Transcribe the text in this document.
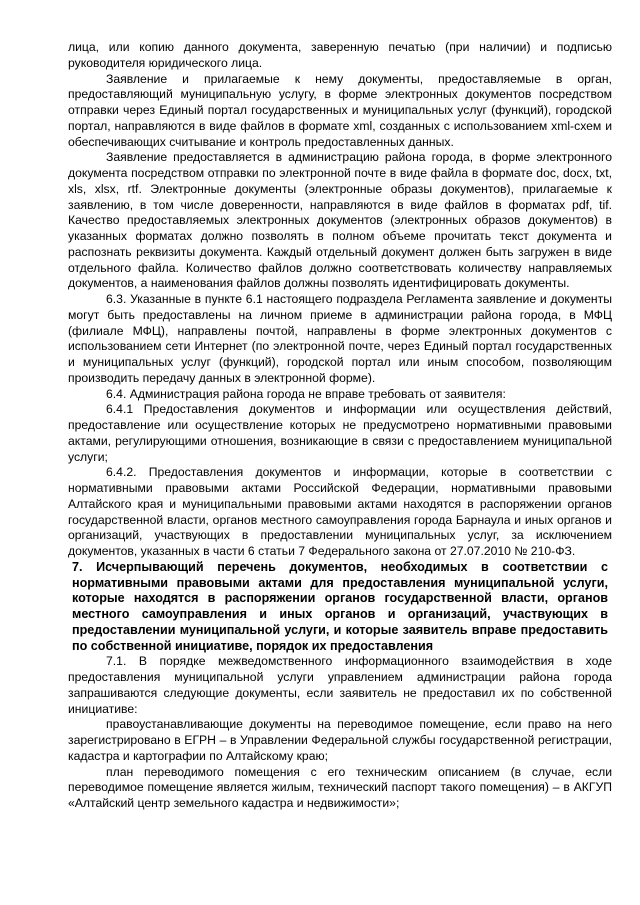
лица, или копию данного документа, заверенную печатью (при наличии) и подписью руководителя юридического лица.

Заявление и прилагаемые к нему документы, предоставляемые в орган, предоставляющий муниципальную услугу, в форме электронных документов посредством отправки через Единый портал государственных и муниципальных услуг (функций), городской портал, направляются в виде файлов в формате xml, созданных с использованием xml-схем и обеспечивающих считывание и контроль предоставленных данных.

Заявление предоставляется в администрацию района города, в форме электронного документа посредством отправки по электронной почте в виде файла в формате doc, docx, txt, xls, xlsx, rtf. Электронные документы (электронные образы документов), прилагаемые к заявлению, в том числе доверенности, направляются в виде файлов в форматах pdf, tif. Качество предоставляемых электронных документов (электронных образов документов) в указанных форматах должно позволять в полном объеме прочитать текст документа и распознать реквизиты документа. Каждый отдельный документ должен быть загружен в виде отдельного файла. Количество файлов должно соответствовать количеству направляемых документов, а наименования файлов должны позволять идентифицировать документы.

6.3. Указанные в пункте 6.1 настоящего подраздела Регламента заявление и документы могут быть предоставлены на личном приеме в администрации района города, в МФЦ (филиале МФЦ), направлены почтой, направлены в форме электронных документов с использованием сети Интернет (по электронной почте, через Единый портал государственных и муниципальных услуг (функций), городской портал или иным способом, позволяющим производить передачу данных в электронной форме).

6.4. Администрация района города не вправе требовать от заявителя:

6.4.1 Предоставления документов и информации или осуществления действий, предоставление или осуществление которых не предусмотрено нормативными правовыми актами, регулирующими отношения, возникающие в связи с предоставлением муниципальной услуги;

6.4.2. Предоставления документов и информации, которые в соответствии с нормативными правовыми актами Российской Федерации, нормативными правовыми Алтайского края и муниципальными правовыми актами находятся в распоряжении органов государственной власти, органов местного самоуправления города Барнаула и иных органов и организаций, участвующих в предоставлении муниципальных услуг, за исключением документов, указанных в части 6 статьи 7 Федерального закона от 27.07.2010 № 210-ФЗ.

7. Исчерпывающий перечень документов, необходимых в соответствии с нормативными правовыми актами для предоставления муниципальной услуги, которые находятся в распоряжении органов государственной власти, органов местного самоуправления и иных органов и организаций, участвующих в предоставлении муниципальной услуги, и которые заявитель вправе предоставить по собственной инициативе, порядок их предоставления

7.1. В порядке межведомственного информационного взаимодействия в ходе предоставления муниципальной услуги управлением администрации района города запрашиваются следующие документы, если заявитель не предоставил их по собственной инициативе:

правоустанавливающие документы на переводимое помещение, если право на него зарегистрировано в ЕГРН – в Управлении Федеральной службы государственной регистрации, кадастра и картографии по Алтайскому краю;

план переводимого помещения с его техническим описанием (в случае, если переводимое помещение является жилым, технический паспорт такого помещения) – в АКГУП «Алтайский центр земельного кадастра и недвижимости»;
